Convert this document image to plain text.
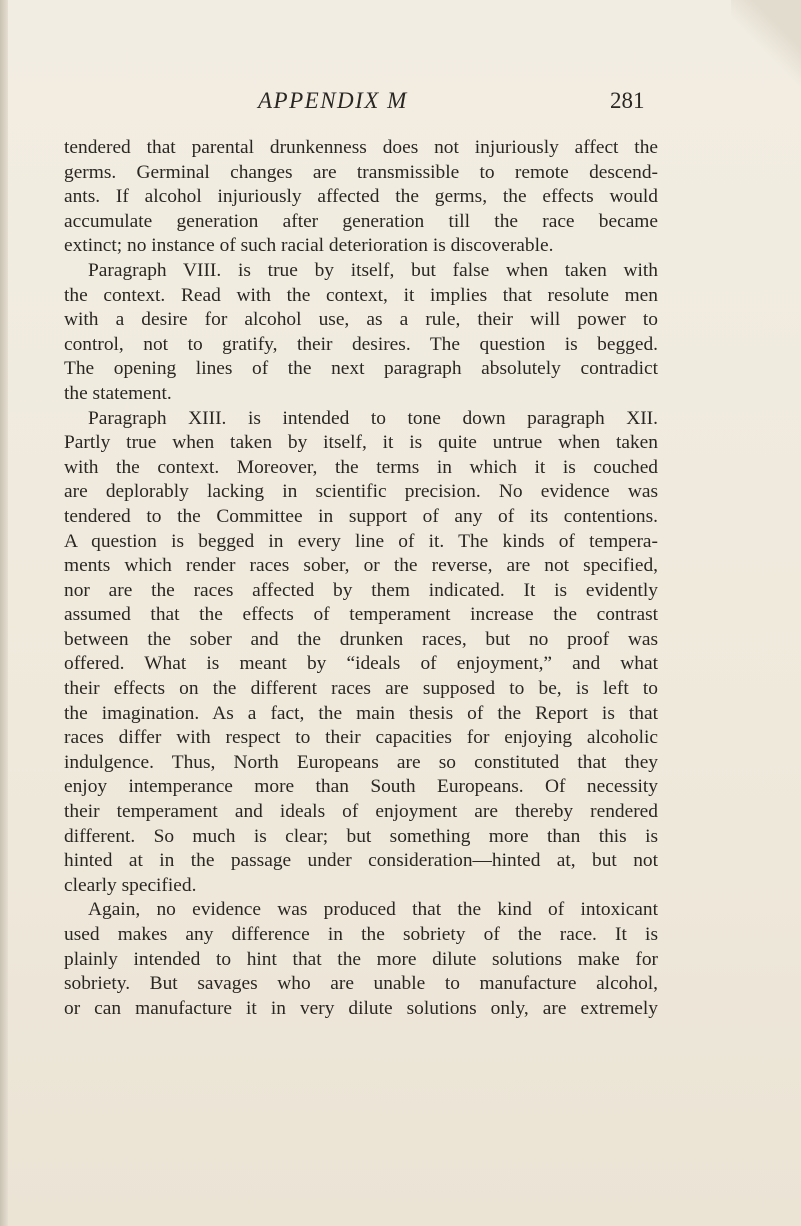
APPENDIX M	281
tendered that parental drunkenness does not injuriously affect the
germs. Germinal changes are transmissible to remote descend-
ants. If alcohol injuriously affected the germs, the effects would
accumulate generation after generation till the race became
extinct; no instance of such racial deterioration is discoverable.
Paragraph VIII. is true by itself, but false when taken with
the context. Read with the context, it implies that resolute men
with a desire for alcohol use, as a rule, their will power to
control, not to gratify, their desires. The question is begged.
The opening lines of the next paragraph absolutely contradict
the statement.
Paragraph XIII. is intended to tone down paragraph XII.
Partly true when taken by itself, it is quite untrue when taken
with the context. Moreover, the terms in which it is couched
are deplorably lacking in scientific precision. No evidence was
tendered to the Committee in support of any of its contentions.
A question is begged in every line of it. The kinds of tempera-
ments which render races sober, or the reverse, are not specified,
nor are the races affected by them indicated. It is evidently
assumed that the effects of temperament increase the contrast
between the sober and the drunken races, but no proof was
offered. What is meant by “ideals of enjoyment,” and what
their effects on the different races are supposed to be, is left to
the imagination. As a fact, the main thesis of the Report is that
races differ with respect to their capacities for enjoying alcoholic
indulgence. Thus, North Europeans are so constituted that they
enjoy intemperance more than South Europeans. Of necessity
their temperament and ideals of enjoyment are thereby rendered
different. So much is clear; but something more than this is
hinted at in the passage under consideration—hinted at, but not
clearly specified.
Again, no evidence was produced that the kind of intoxicant
used makes any difference in the sobriety of the race. It is
plainly intended to hint that the more dilute solutions make for
sobriety. But savages who are unable to manufacture alcohol,
or can manufacture it in very dilute solutions only, are extremely
